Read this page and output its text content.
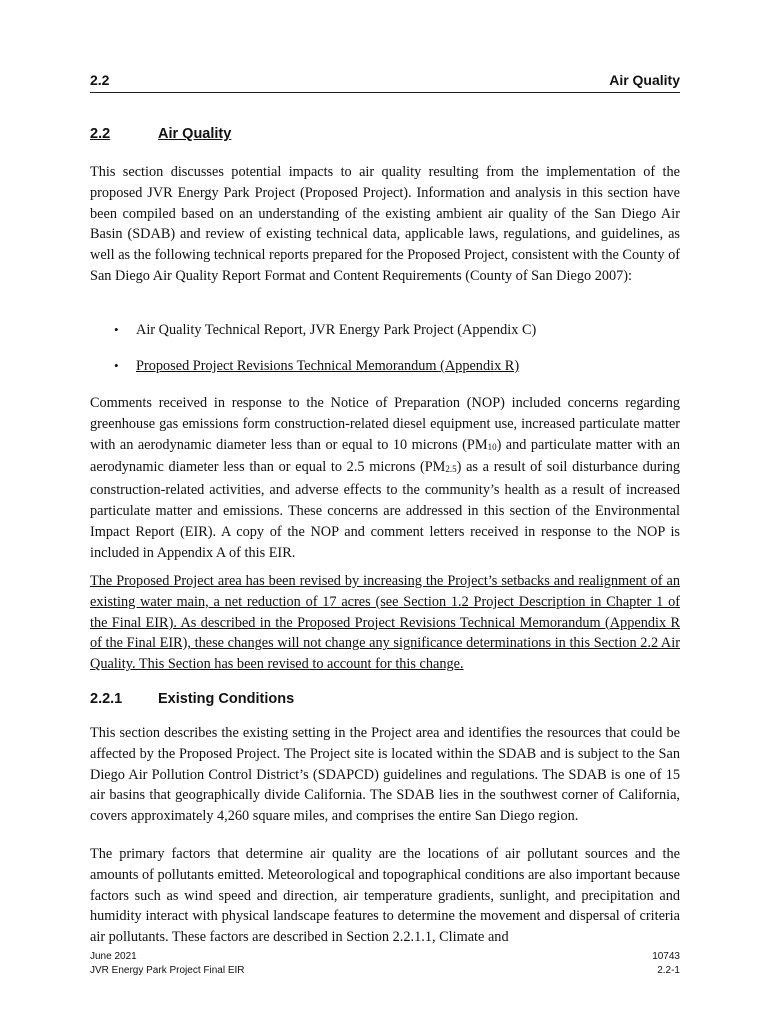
2.2	Air Quality
2.2	Air Quality

This section discusses potential impacts to air quality resulting from the implementation of the proposed JVR Energy Park Project (Proposed Project). Information and analysis in this section have been compiled based on an understanding of the existing ambient air quality of the San Diego Air Basin (SDAB) and review of existing technical data, applicable laws, regulations, and guidelines, as well as the following technical reports prepared for the Proposed Project, consistent with the County of San Diego Air Quality Report Format and Content Requirements (County of San Diego 2007):

• Air Quality Technical Report, JVR Energy Park Project (Appendix C)
• Proposed Project Revisions Technical Memorandum (Appendix R)

Comments received in response to the Notice of Preparation (NOP) included concerns regarding greenhouse gas emissions form construction-related diesel equipment use, increased particulate matter with an aerodynamic diameter less than or equal to 10 microns $(PM_{10})$ and particulate matter with an aerodynamic diameter less than or equal to 2.5 microns $(PM_{2.5})$ as a result of soil disturbance during construction-related activities, and adverse effects to the community’s health as a result of increased particulate matter and emissions. These concerns are addressed in this section of the Environmental Impact Report (EIR). A copy of the NOP and comment letters received in response to the NOP is included in Appendix A of this EIR.

The Proposed Project area has been revised by increasing the Project’s setbacks and realignment of an existing water main, a net reduction of 17 acres (see Section 1.2 Project Description in Chapter 1 of the Final EIR). As described in the Proposed Project Revisions Technical Memorandum (Appendix R of the Final EIR), these changes will not change any significance determinations in this Section 2.2 Air Quality. This Section has been revised to account for this change.

2.2.1 Existing Conditions

This section describes the existing setting in the Project area and identifies the resources that could be affected by the Proposed Project. The Project site is located within the SDAB and is subject to the San Diego Air Pollution Control District’s (SDAPCD) guidelines and regulations. The SDAB is one of 15 air basins that geographically divide California. The SDAB lies in the southwest corner of California, covers approximately 4,260 square miles, and comprises the entire San Diego region.

The primary factors that determine air quality are the locations of air pollutant sources and the amounts of pollutants emitted. Meteorological and topographical conditions are also important because factors such as wind speed and direction, air temperature gradients, sunlight, and precipitation and humidity interact with physical landscape features to determine the movement and dispersal of criteria air pollutants. These factors are described in Section 2.2.1.1, Climate and

June 2021	10743
JVR Energy Park Project Final EIR	2.2-1
